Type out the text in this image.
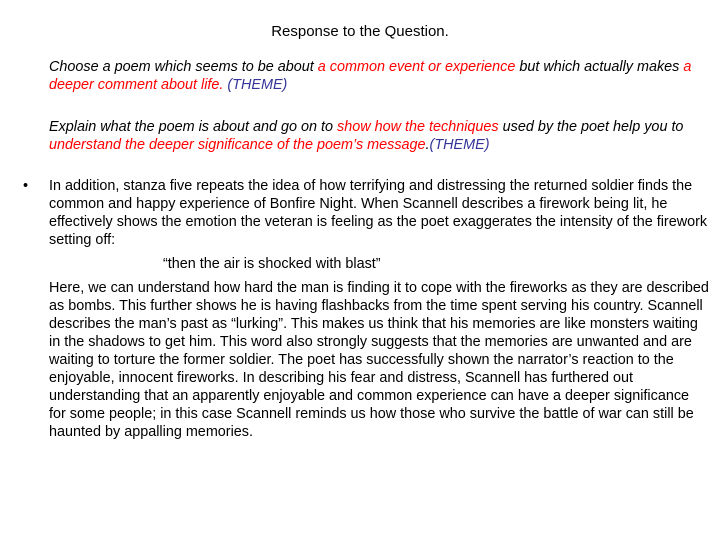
Response to the Question.
Choose a poem which seems to be about a common event or experience but which actually makes a deeper comment about life. (THEME)
Explain what the poem is about and go on to show how the techniques used by the poet help you to understand the deeper significance of the poem’s message.(THEME)
•	In addition, stanza five repeats the idea of how terrifying and distressing the returned soldier finds the common and happy experience of Bonfire Night. When Scannell describes a firework being lit, he effectively shows the emotion the veteran is feeling as the poet exaggerates the intensity of the firework setting off:

“then the air is shocked with blast”

Here, we can understand how hard the man is finding it to cope with the fireworks as they are described as bombs. This further shows he is having flashbacks from the time spent serving his country. Scannell describes the man’s past as “lurking”. This makes us think that his memories are like monsters waiting in the shadows to get him. This word also strongly suggests that the memories are unwanted and are waiting to torture the former soldier. The poet has successfully shown the narrator’s reaction to the enjoyable, innocent fireworks. In describing his fear and distress, Scannell has furthered out understanding that an apparently enjoyable and common experience can have a deeper significance for some people; in this case Scannell reminds us how those who survive the battle of war can still be haunted by appalling memories.
